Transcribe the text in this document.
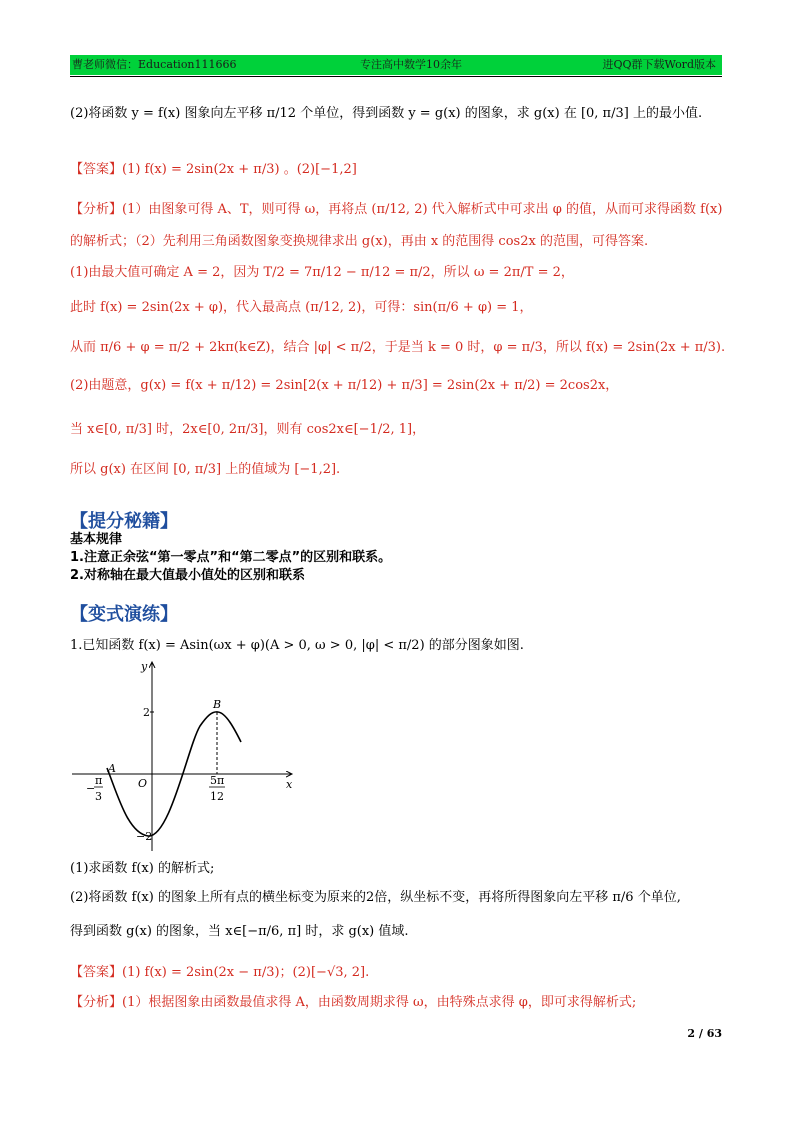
曹老师微信：Education111666	专注高中数学10余年	进QQ群下载Word版本
(2)将函数 y = f(x) 图象向左平移 π/12 个单位，得到函数 y = g(x) 的图象，求 g(x) 在 [0, π/3] 上的最小值.
【答案】(1) f(x) = 2sin(2x + π/3) 。(2)[−1,2]
【分析】(1）由图象可得 A、T，则可得 ω，再将点 (π/12, 2) 代入解析式中可求出 φ 的值，从而可求得函数 f(x)
的解析式；（2）先利用三角函数图象变换规律求出 g(x)，再由 x 的范围得 cos2x 的范围，可得答案.
(1)由最大值可确定 A = 2，因为 T/2 = 7π/12 − π/12 = π/2，所以 ω = 2π/T = 2，
此时 f(x) = 2sin(2x + φ)，代入最高点 (π/12, 2)，可得：sin(π/6 + φ) = 1，
从而 π/6 + φ = π/2 + 2kπ(k∈Z)，结合 |φ| < π/2，于是当 k = 0 时，φ = π/3，所以 f(x) = 2sin(2x + π/3).
(2)由题意，g(x) = f(x + π/12) = 2sin[2(x + π/12) + π/3] = 2sin(2x + π/2) = 2cos2x，
当 x∈[0, π/3] 时，2x∈[0, 2π/3]，则有 cos2x∈[−1/2, 1]，
所以 g(x) 在区间 [0, π/3] 上的值域为 [−1,2].
【提分秘籍】
基本规律
1.注意正余弦“第一零点”和“第二零点”的区别和联系。
2.对称轴在最大值最小值处的区别和联系
【变式演练】
1.已知函数 f(x) = Asin(ωx + φ)(A > 0, ω > 0, |φ| < π/2) 的部分图象如图.
y
x
O
2
−2
A
B
−
π
3
5π
12
(1)求函数 f(x) 的解析式;
(2)将函数 f(x) 的图象上所有点的横坐标变为原来的2倍，纵坐标不变，再将所得图象向左平移 π/6 个单位,
得到函数 g(x) 的图象，当 x∈[−π/6, π] 时，求 g(x) 值域.
【答案】(1) f(x) = 2sin(2x − π/3)；(2)[−√3, 2].
【分析】(1）根据图象由函数最值求得 A，由函数周期求得 ω，由特殊点求得 φ，即可求得解析式;
2 / 63
